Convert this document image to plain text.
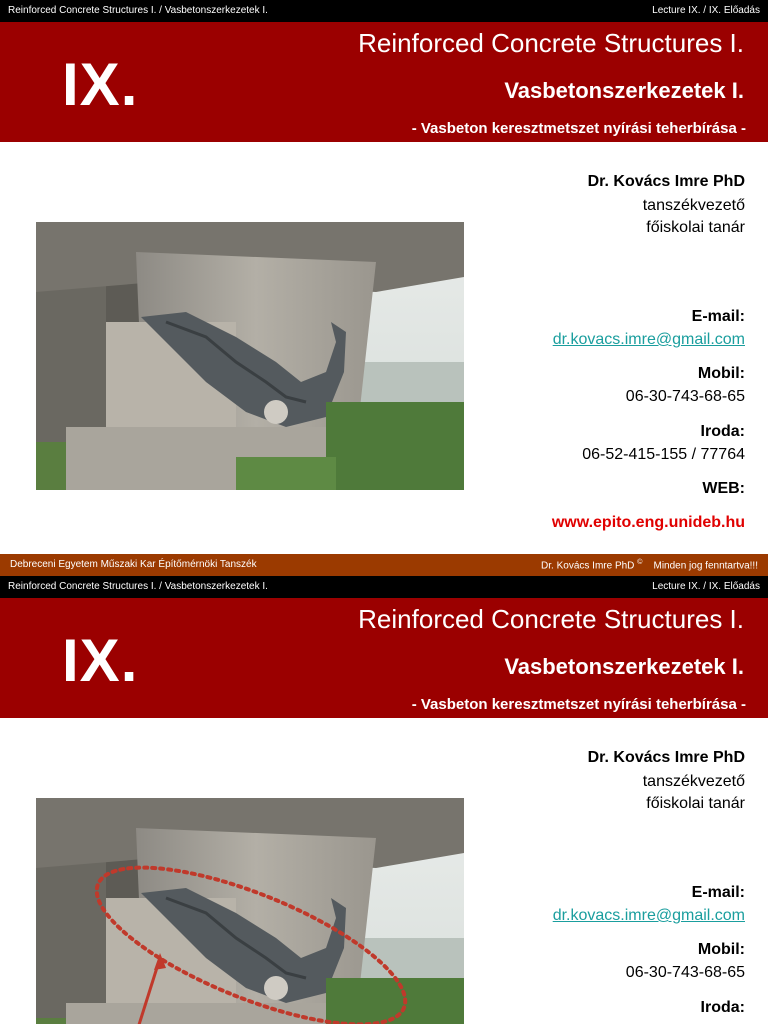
Reinforced Concrete Structures I. / Vasbetonszerkezetek I.	Lecture IX. / IX. Előadás
IX.
Reinforced Concrete Structures I.
Vasbetonszerkezetek I.
- Vasbeton keresztmetszet nyírási teherbírása -
Dr. Kovács Imre PhD
tanszékvezető
főiskolai tanár
E-mail:
dr.kovacs.imre@gmail.com
Mobil:
06-30-743-68-65
Iroda:
06-52-415-155 / 77764
WEB:
www.epito.eng.unideb.hu
Debreceni Egyetem Műszaki Kar Építőmérnöki Tanszék	Dr. Kovács Imre PhD © Minden jog fenntartva!!!
Reinforced Concrete Structures I. / Vasbetonszerkezetek I.	Lecture IX. / IX. Előadás
IX.
Reinforced Concrete Structures I.
Vasbetonszerkezetek I.
- Vasbeton keresztmetszet nyírási teherbírása -
Dr. Kovács Imre PhD
tanszékvezető
főiskolai tanár
E-mail:
dr.kovacs.imre@gmail.com
Mobil:
06-30-743-68-65
Iroda:
